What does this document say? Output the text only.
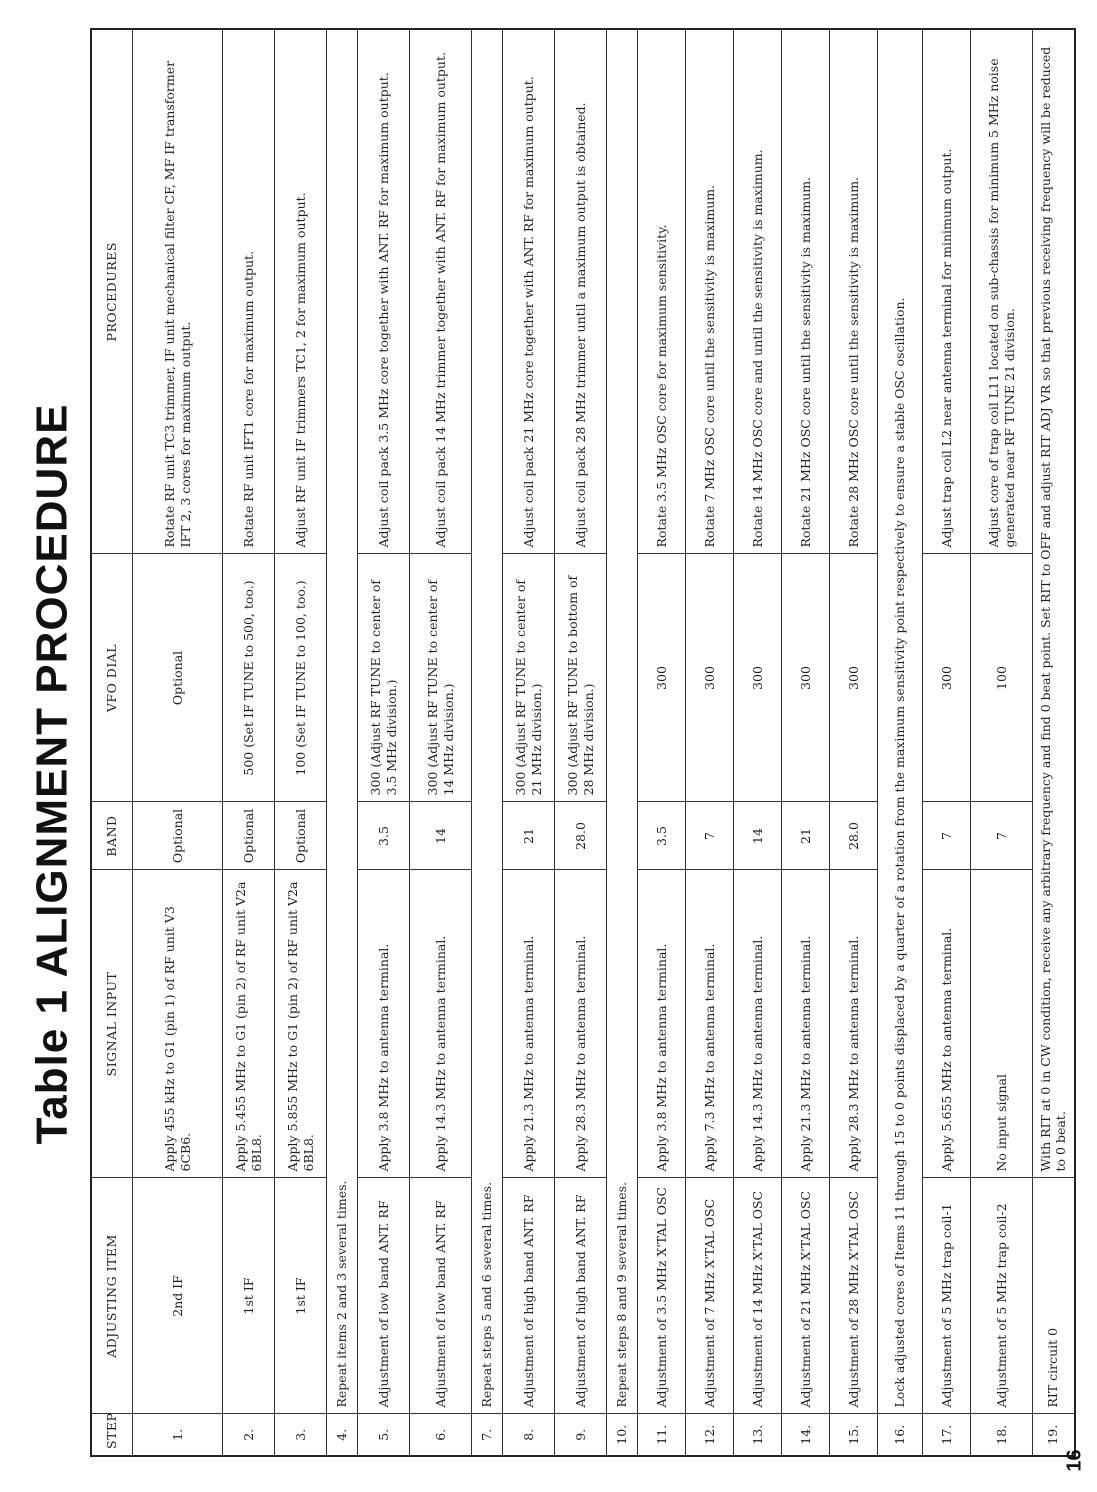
Table 1 ALIGNMENT PROCEDURE
STEP	ADJUSTING ITEM	SIGNAL INPUT	BAND	VFO DIAL	PROCEDURES
1.	2nd IF	Apply 455 kHz to G1 (pin 1) of RF unit V3 6CB6.	Optional	Optional	Rotate RF unit TC3 trimmer, IF unit mechanical filter CF, MF IF transformer IFT 2, 3 cores for maximum output.
2.	1st IF	Apply 5.455 MHz to G1 (pin 2) of RF unit V2a 6BL8.	Optional	500 (Set IF TUNE to 500, too.)	Rotate RF unit IFT1 core for maximum output.
3.	1st IF	Apply 5.855 MHz to G1 (pin 2) of RF unit V2a 6BL8.	Optional	100 (Set IF TUNE to 100, too.)	Adjust RF unit IF trimmers TC1, 2 for maximum output.
4.	Repeat items 2 and 3 several times.				
5.	Adjustment of low band ANT. RF	Apply 3.8 MHz to antenna terminal.	3.5	300 (Adjust RF TUNE to center of 3.5 MHz division.)	Adjust coil pack 3.5 MHz core together with ANT. RF for maximum output.
6.	Adjustment of low band ANT. RF	Apply 14.3 MHz to antenna terminal.	14	300 (Adjust RF TUNE to center of 14 MHz division.)	Adjust coil pack 14 MHz trimmer together with ANT. RF for maximum output.
7.	Repeat steps 5 and 6 several times.				
8.	Adjustment of high band ANT. RF	Apply 21.3 MHz to antenna terminal.	21	300 (Adjust RF TUNE to center of 21 MHz division.)	Adjust coil pack 21 MHz core together with ANT. RF for maximum output.
9.	Adjustment of high band ANT. RF	Apply 28.3 MHz to antenna terminal.	28.0	300 (Adjust RF TUNE to bottom of 28 MHz division.)	Adjust coil pack 28 MHz trimmer until a maximum output is obtained.
10.	Repeat steps 8 and 9 several times.				
11.	Adjustment of 3.5 MHz X'TAL OSC	Apply 3.8 MHz to antenna terminal.	3.5	300	Rotate 3.5 MHz OSC core for maximum sensitivity.
12.	Adjustment of 7 MHz X'TAL OSC	Apply 7.3 MHz to antenna terminal.	7	300	Rotate 7 MHz OSC core until the sensitivity is maximum.
13.	Adjustment of 14 MHz X'TAL OSC	Apply 14.3 MHz to antenna terminal.	14	300	Rotate 14 MHz OSC core and until the sensitivity is maximum.
14.	Adjustment of 21 MHz X'TAL OSC	Apply 21.3 MHz to antenna terminal.	21	300	Rotate 21 MHz OSC core until the sensitivity is maximum.
15.	Adjustment of 28 MHz X'TAL OSC	Apply 28.3 MHz to antenna terminal.	28.0	300	Rotate 28 MHz OSC core until the sensitivity is maximum.
16.	Lock adjusted cores of Items 11 through 15 to 0 points displaced by a quarter of a rotation from the maximum sensitivity point respectively to ensure a stable OSC oscillation.				
17.	Adjustment of 5 MHz trap coil-1	Apply 5.655 MHz to antenna terminal.	7	300	Adjust trap coil L2 near antenna terminal for minimum output.
18.	Adjustment of 5 MHz trap coil-2	No input signal	7	100	Adjust core of trap coil L11 located on sub-chassis for minimum 5 MHz noise generated near RF TUNE 21 division.
19.	RIT circuit 0	With RIT at 0 in CW condition, receive any arbitrary frequency and find 0 beat point. Set RIT to OFF and adjust RIT ADJ VR so that previous receiving frequency will be reduced to 0 beat.			
16
